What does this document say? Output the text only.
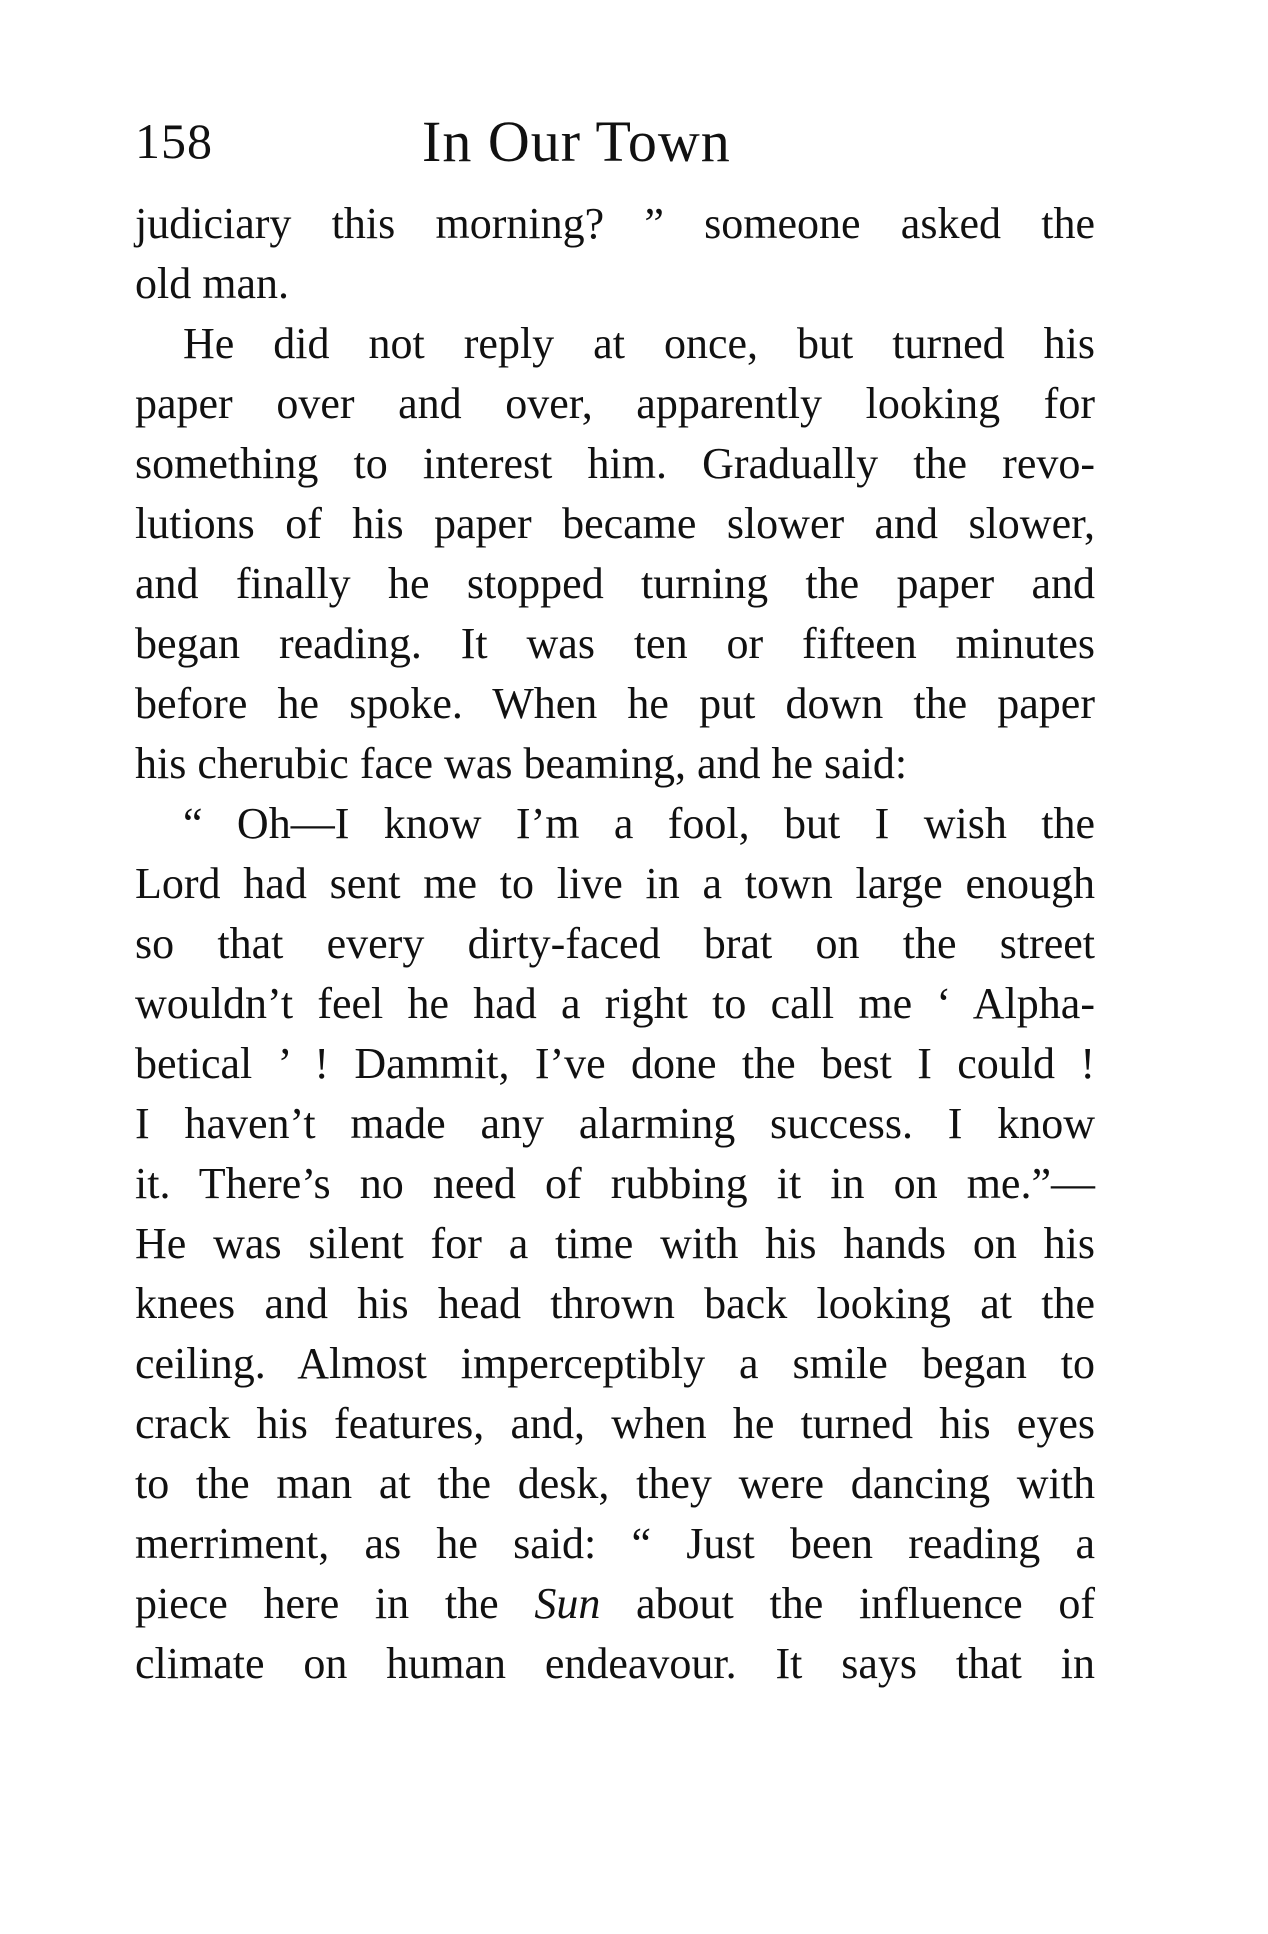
158	In Our Town
judiciary this morning? ” someone asked the
old man.
He did not reply at once, but turned his
paper over and over, apparently looking for
something to interest him. Gradually the revo-
lutions of his paper became slower and slower,
and finally he stopped turning the paper and
began reading. It was ten or fifteen minutes
before he spoke. When he put down the paper
his cherubic face was beaming, and he said:
“ Oh—I know I’m a fool, but I wish the
Lord had sent me to live in a town large enough
so that every dirty-faced brat on the street
wouldn’t feel he had a right to call me ‘ Alpha-
betical ’ ! Dammit, I’ve done the best I could !
I haven’t made any alarming success. I know
it. There’s no need of rubbing it in on me.”—
He was silent for a time with his hands on his
knees and his head thrown back looking at the
ceiling. Almost imperceptibly a smile began to
crack his features, and, when he turned his eyes
to the man at the desk, they were dancing with
merriment, as he said: “ Just been reading a
piece here in the Sun about the influence of
climate on human endeavour. It says that in
